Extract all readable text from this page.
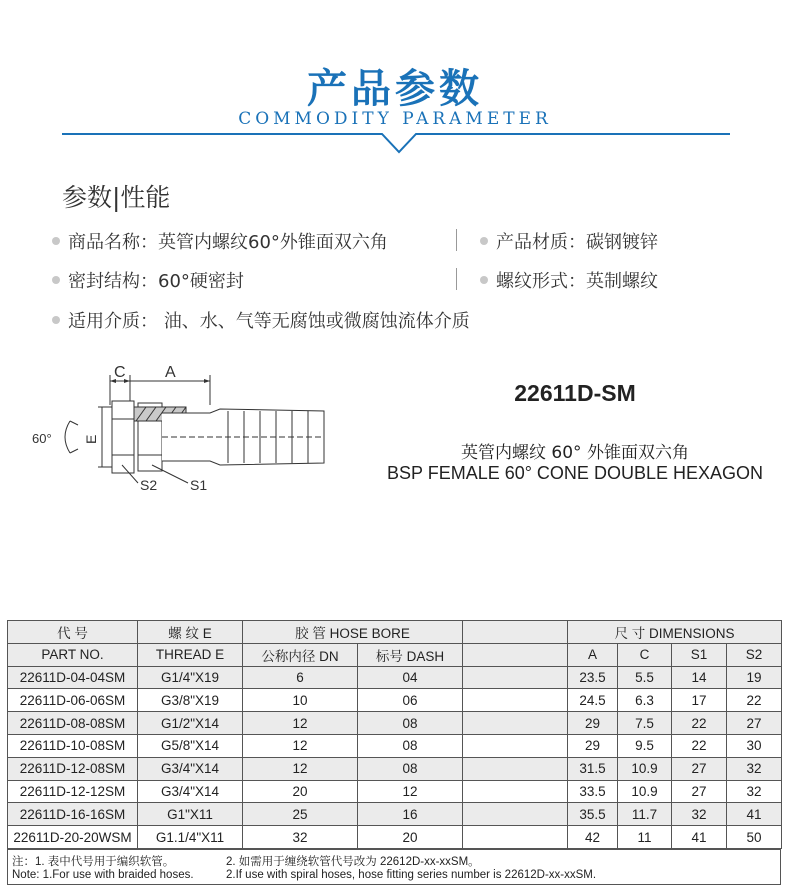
产品参数
COMMODITY PARAMETER
参数|性能
商品名称：英管内螺纹60°外锥面双六角	产品材质：碳钢镀锌
密封结构：60°硬密封	螺纹形式：英制螺纹
适用介质： 油、水、气等无腐蚀或微腐蚀流体介质
C A
E
60°
S2 S1
22611D-SM
英管内螺纹 60° 外锥面双六角
BSP FEMALE 60° CONE DOUBLE HEXAGON
代 号	螺 纹 E	胶 管 HOSE BORE			尺 寸 DIMENSIONS			
PART NO.	THREAD E	公称内径 DN	标号 DASH		A	C	S1	S2
22611D-04-04SM	G1/4"X19	6	04		23.5	5.5	14	19
22611D-06-06SM	G3/8"X19	10	06		24.5	6.3	17	22
22611D-08-08SM	G1/2"X14	12	08		29	7.5	22	27
22611D-10-08SM	G5/8"X14	12	08		29	9.5	22	30
22611D-12-08SM	G3/4"X14	12	08		31.5	10.9	27	32
22611D-12-12SM	G3/4"X14	20	12		33.5	10.9	27	32
22611D-16-16SM	G1"X11	25	16		35.5	11.7	32	41
22611D-20-20WSM	G1.1/4"X11	32	20		42	11	41	50
注：1. 表中代号用于编织软管。	2. 如需用于缠绕软管代号改为 22612D-xx-xxSM。
Note: 1.For use with braided hoses.	2.If use with spiral hoses, hose fitting series number is 22612D-xx-xxSM.
